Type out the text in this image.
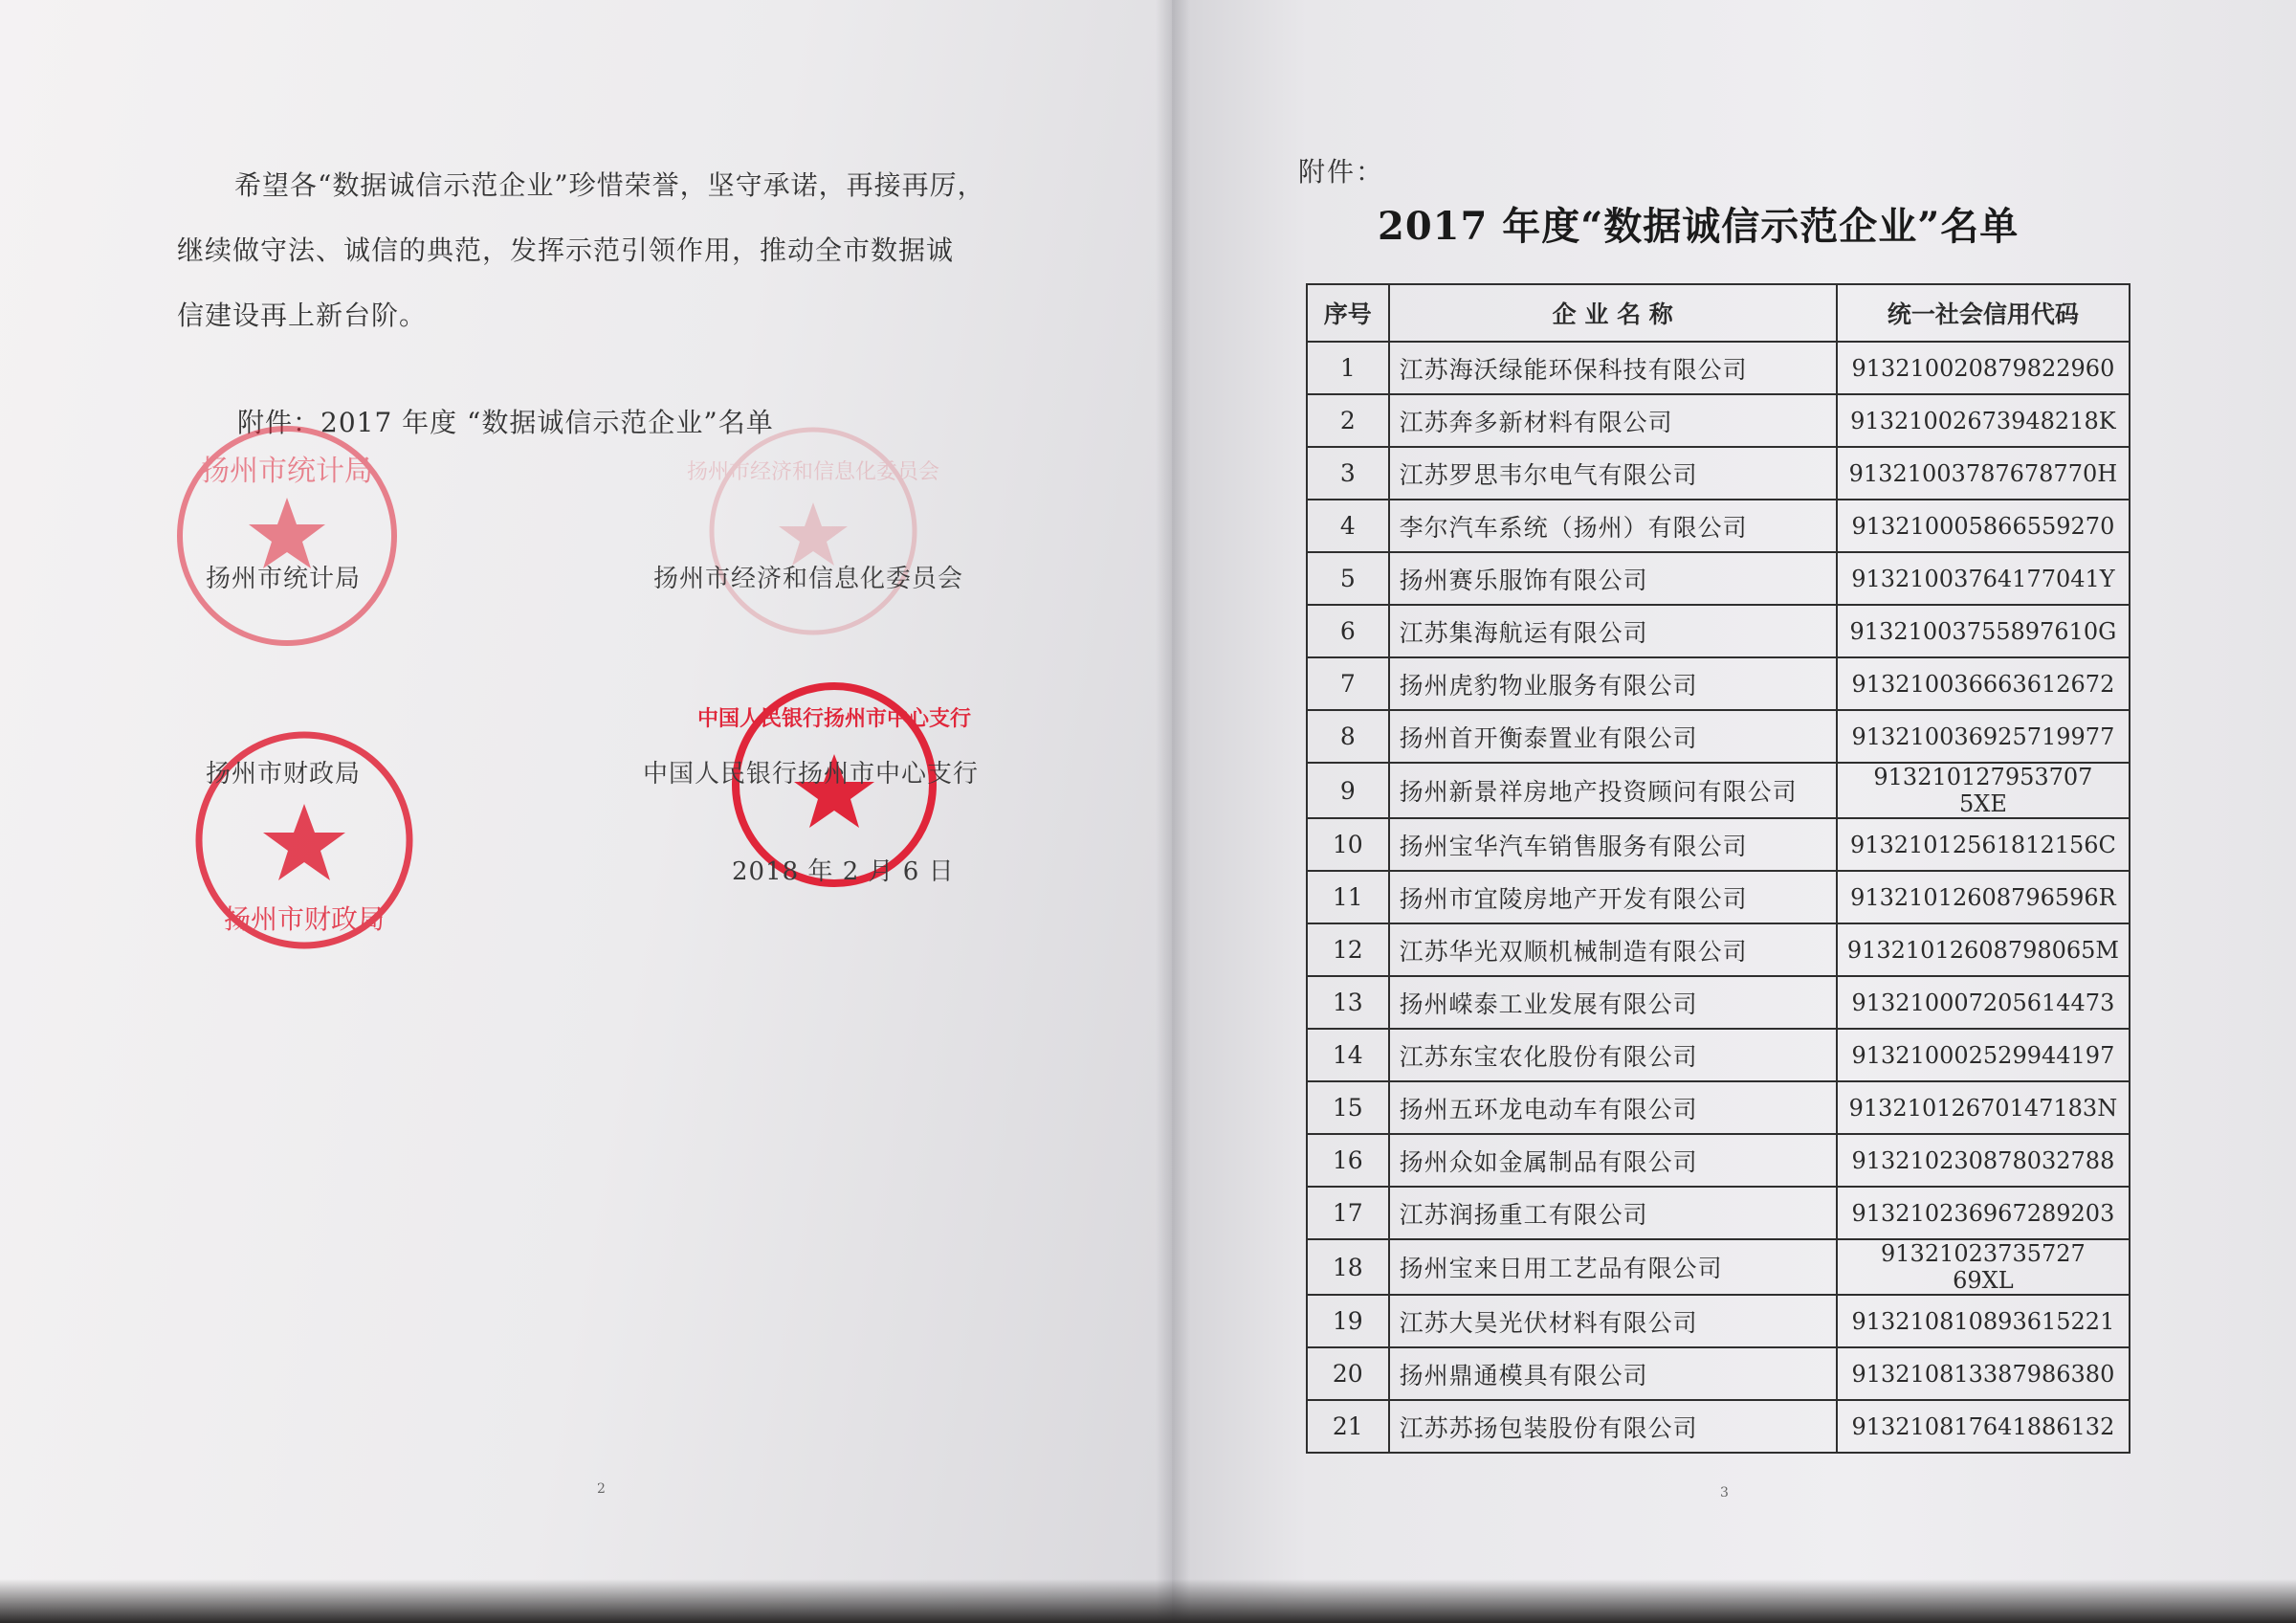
希望各“数据诚信示范企业”珍惜荣誉，坚守承诺，再接再厉，
继续做守法、诚信的典范，发挥示范引领作用，推动全市数据诚
信建设再上新台阶。
附件：2017 年度 “数据诚信示范企业”名单
扬州市统计局	扬州市经济和信息化委员会
扬州市财政局
中国人民银行扬州市中心支行
扬州市统计局	扬州市经济和信息化委员会
扬州市财政局	中国人民银行扬州市中心支行
2018 年 2 月 6 日
2
附件：
2017 年度“数据诚信示范企业”名单
序号	企 业 名 称	统一社会信用代码
1	江苏海沃绿能环保科技有限公司	913210020879822960
2	江苏奔多新材料有限公司	91321002673948218K
3	江苏罗思韦尔电气有限公司	91321003787678770H
4	李尔汽车系统（扬州）有限公司	913210005866559270
5	扬州赛乐服饰有限公司	91321003764177041Y
6	江苏集海航运有限公司	91321003755897610G
7	扬州虎豹物业服务有限公司	913210036663612672
8	扬州首开衡泰置业有限公司	913210036925719977
9	扬州新景祥房地产投资顾问有限公司	913210127953707 5XE
10	扬州宝华汽车销售服务有限公司	91321012561812156C
11	扬州市宜陵房地产开发有限公司	91321012608796596R
12	江苏华光双顺机械制造有限公司	91321012608798065M
13	扬州嵘泰工业发展有限公司	913210007205614473
14	江苏东宝农化股份有限公司	913210002529944197
15	扬州五环龙电动车有限公司	91321012670147183N
16	扬州众如金属制品有限公司	913210230878032788
17	江苏润扬重工有限公司	913210236967289203
18	扬州宝来日用工艺品有限公司	91321023735727 69XL
19	江苏大昊光伏材料有限公司	913210810893615221
20	扬州鼎通模具有限公司	913210813387986380
21	江苏苏扬包装股份有限公司	913210817641886132
3
